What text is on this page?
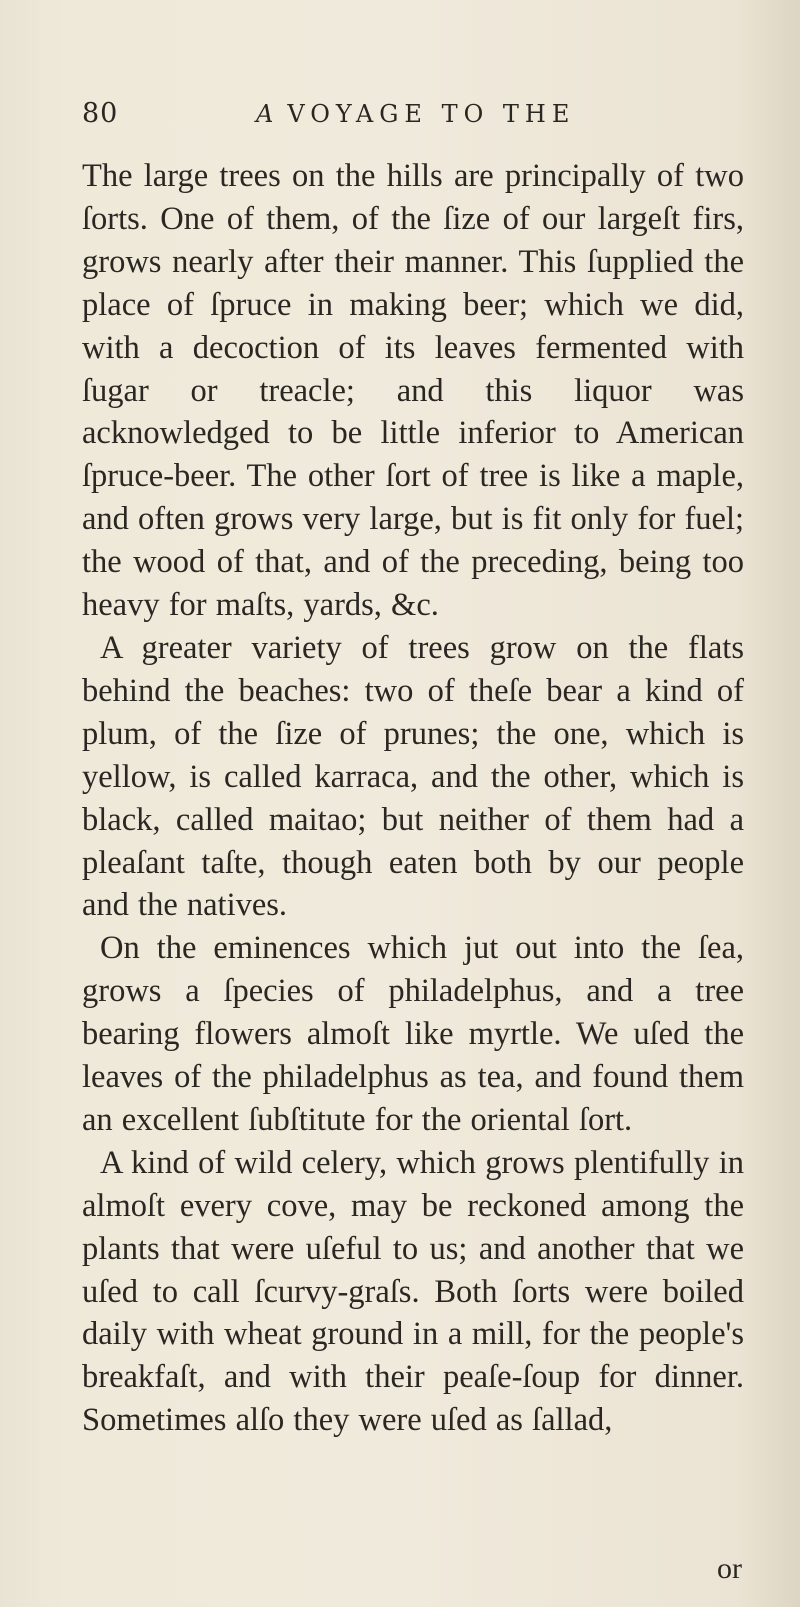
80	A VOYAGE TO THE

The large trees on the hills are principally of two ſorts. One of them, of the ſize of our largeſt firs, grows nearly after their manner. This ſupplied the place of ſpruce in making beer; which we did, with a decoction of its leaves fermented with ſugar or treacle; and this liquor was acknowledged to be little inferior to American ſpruce-beer. The other ſort of tree is like a maple, and often grows very large, but is fit only for fuel; the wood of that, and of the preceding, being too heavy for maſts, yards, &c.

A greater variety of trees grow on the flats behind the beaches: two of theſe bear a kind of plum, of the ſize of prunes; the one, which is yellow, is called karraca, and the other, which is black, called maitao; but neither of them had a pleaſant taſte, though eaten both by our people and the natives.

On the eminences which jut out into the ſea, grows a ſpecies of philadelphus, and a tree bearing flowers almoſt like myrtle. We uſed the leaves of the philadelphus as tea, and found them an excellent ſubſtitute for the oriental ſort.

A kind of wild celery, which grows plentifully in almoſt every cove, may be reckoned among the plants that were uſeful to us; and another that we uſed to call ſcurvy-graſs. Both ſorts were boiled daily with wheat ground in a mill, for the people's breakfaſt, and with their peaſe-ſoup for dinner. Sometimes alſo they were uſed as ſallad,

or
